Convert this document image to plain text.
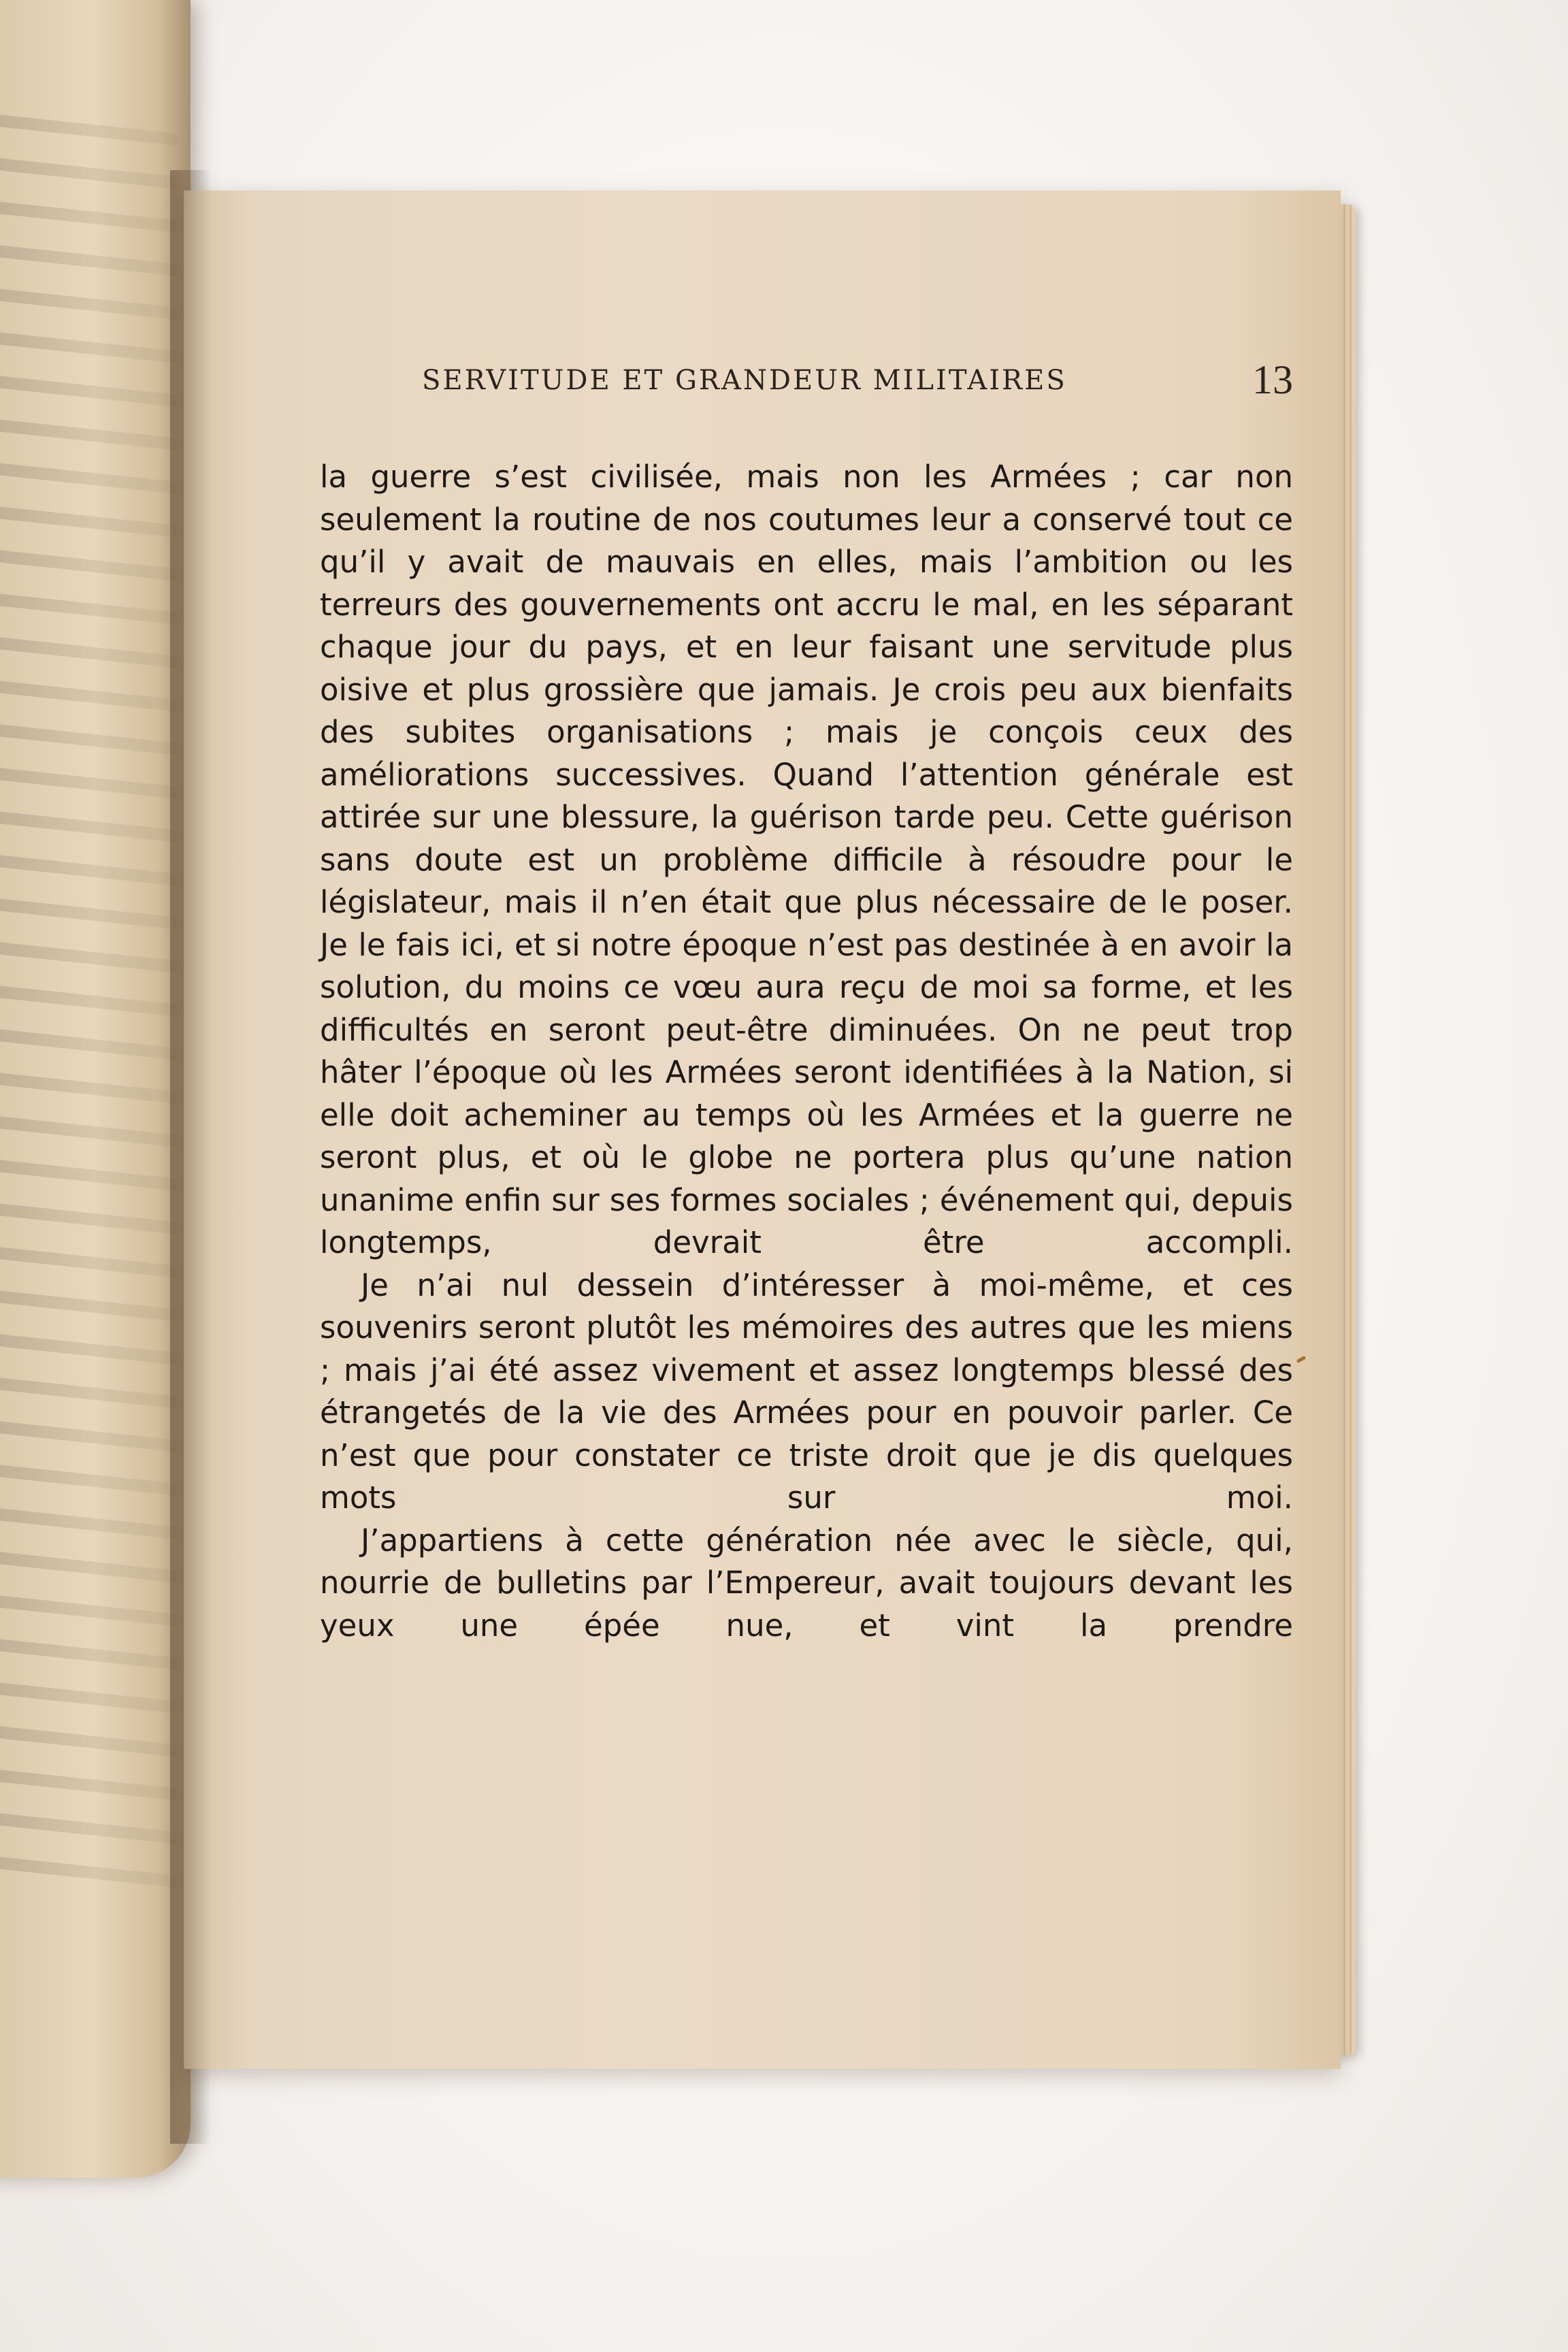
SERVITUDE ET GRANDEUR MILITAIRES	13

la guerre s’est civilisée, mais non les Armées ; car non seulement la routine de nos coutumes leur a conservé tout ce qu’il y avait de mauvais en elles, mais l’ambition ou les terreurs des gouvernements ont accru le mal, en les séparant chaque jour du pays, et en leur faisant une servitude plus oisive et plus grossière que jamais. Je crois peu aux bienfaits des subites organisations ; mais je conçois ceux des améliorations successives. Quand l’attention générale est attirée sur une blessure, la guérison tarde peu. Cette guérison sans doute est un problème difficile à résoudre pour le législateur, mais il n’en était que plus nécessaire de le poser. Je le fais ici, et si notre époque n’est pas destinée à en avoir la solution, du moins ce vœu aura reçu de moi sa forme, et les difficultés en seront peut-être diminuées. On ne peut trop hâter l’époque où les Armées seront identifiées à la Nation, si elle doit acheminer au temps où les Armées et la guerre ne seront plus, et où le globe ne portera plus qu’une nation unanime enfin sur ses formes sociales ; événement qui, depuis longtemps, devrait être accompli.

Je n’ai nul dessein d’intéresser à moi-même, et ces souvenirs seront plutôt les mémoires des autres que les miens ; mais j’ai été assez vivement et assez longtemps blessé des étrangetés de la vie des Armées pour en pouvoir parler. Ce n’est que pour constater ce triste droit que je dis quelques mots sur moi.

J’appartiens à cette génération née avec le siècle, qui, nourrie de bulletins par l’Empereur, avait toujours devant les yeux une épée nue, et vint la prendre
